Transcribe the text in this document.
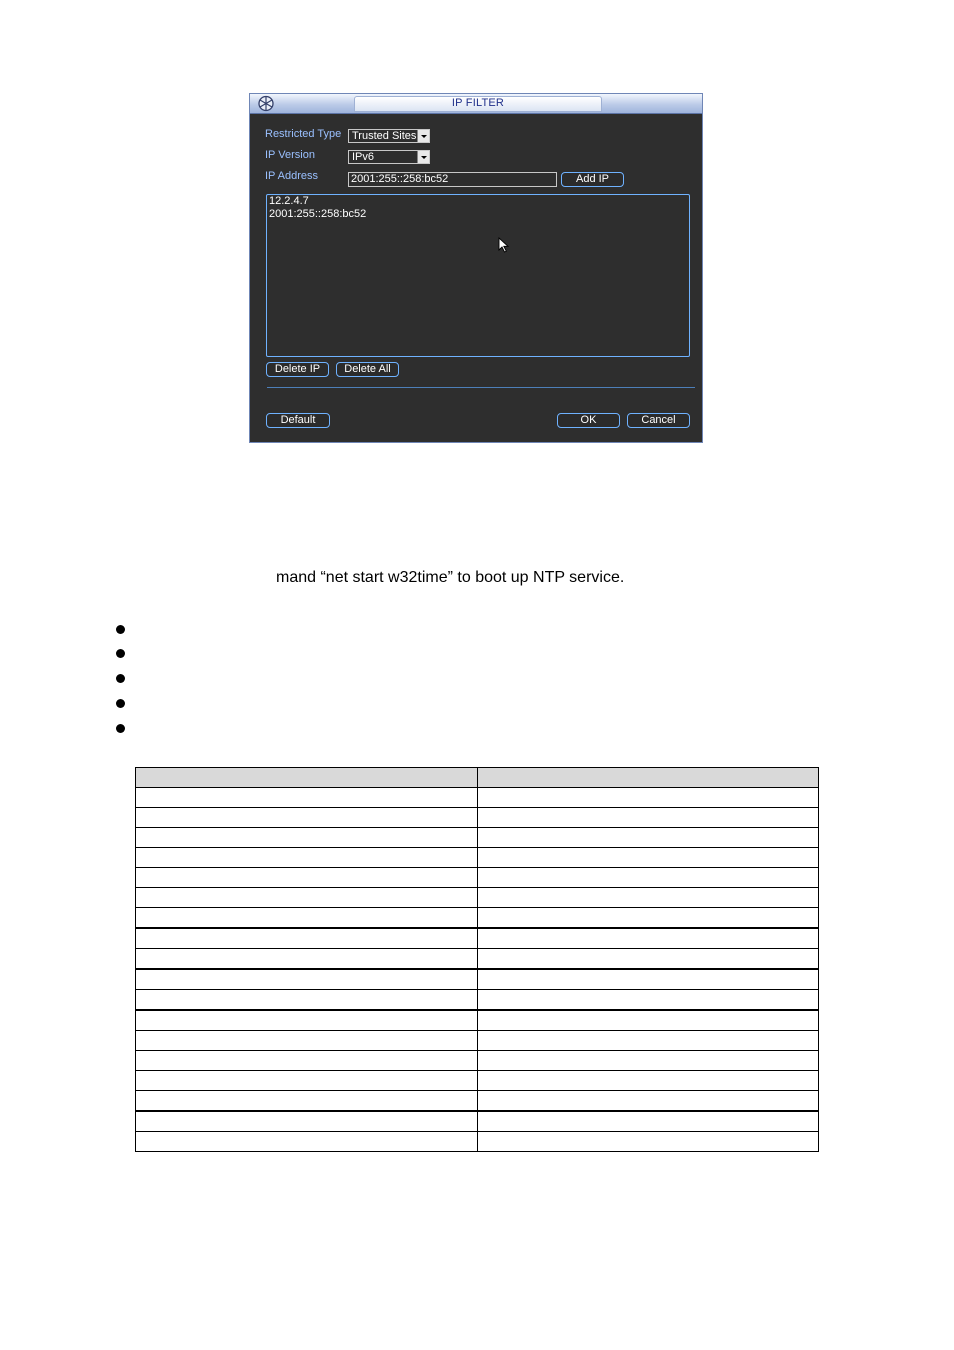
IP FILTER
Restricted Type Trusted Sites
IP Version	IPv6
IP Address	2001:255::258:bc52	Add IP
12.2.4.7
2001:255::258:bc52
Delete IP	Delete All
Default	OK	Cancel
mand “net start w32time” to boot up NTP service.
